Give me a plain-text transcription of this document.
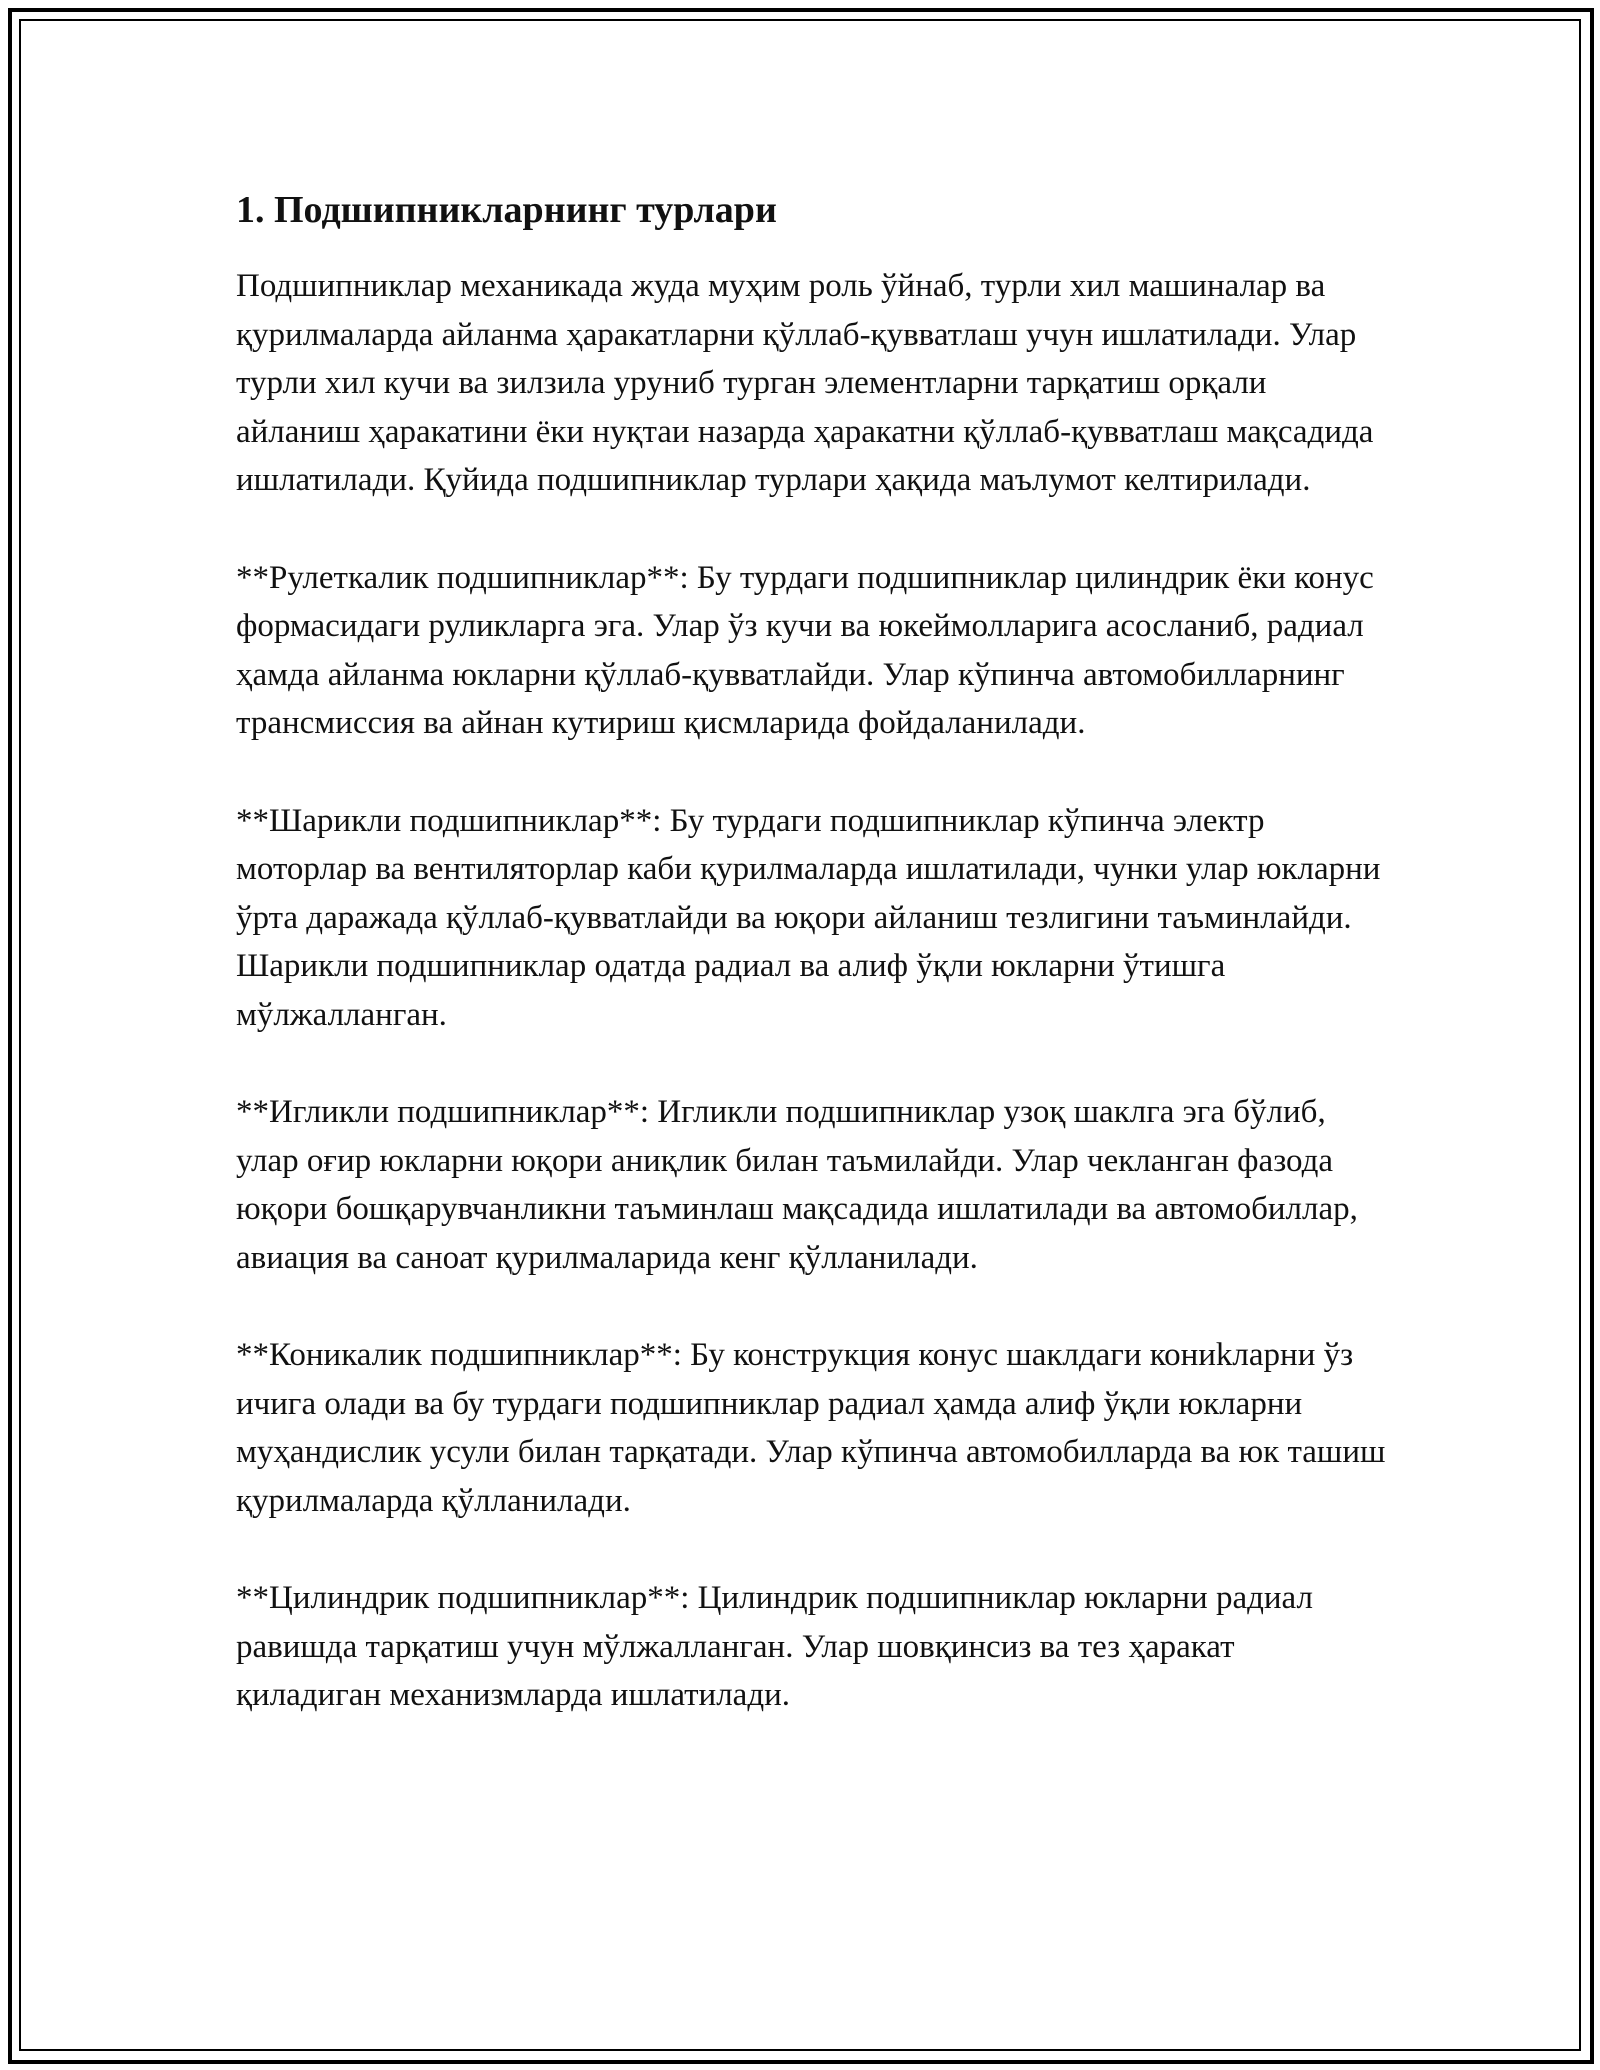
1. Подшипникларнинг турлари

Подшипниклар механикада жуда муҳим роль ўйнаб, турли хил машиналар ва қурилмаларда айланма ҳаракатларни қўллаб-қувватлаш учун ишлатилади. Улар турли хил кучи ва зилзила уруниб турган элементларни тарқатиш орқали айланиш ҳаракатини ёки нуқтаи назарда ҳаракатни қўллаб-қувватлаш мақсадида ишлатилади. Қуйида подшипниклар турлари ҳақида маълумот келтирилади.

**Рулеткалик подшипниклар**: Бу турдаги подшипниклар цилиндрик ёки конус формасидаги руликларга эга. Улар ўз кучи ва юкеймолларига асосланиб, радиал ҳамда айланма юкларни қўллаб-қувватлайди. Улар кўпинча автомобилларнинг трансмиссия ва айнан кутириш қисмларида фойдаланилади.

**Шарикли подшипниклар**: Бу турдаги подшипниклар кўпинча электр моторлар ва вентиляторлар каби қурилмаларда ишлатилади, чунки улар юкларни ўрта даражада қўллаб-қувватлайди ва юқори айланиш тезлигини таъминлайди. Шарикли подшипниклар одатда радиал ва алиф ўқли юкларни ўтишга мўлжалланган.

**Игликли подшипниклар**: Игликли подшипниклар узоқ шаклга эга бўлиб, улар оғир юкларни юқори аниқлик билан таъмилайди. Улар чекланган фазода юқори бошқарувчанликни таъминлаш мақсадида ишлатилади ва автомобиллар, авиация ва саноат қурилмаларида кенг қўлланилади.

**Коникалик подшипниклар**: Бу конструкция конус шаклдаги кониkларни ўз ичига олади ва бу турдаги подшипниклар радиал ҳамда алиф ўқли юкларни муҳандислик усули билан тарқатади. Улар кўпинча автомобилларда ва юк ташиш қурилмаларда қўлланилади.

**Цилиндрик подшипниклар**: Цилиндрик подшипниклар юкларни радиал равишда тарқатиш учун мўлжалланган. Улар шовқинсиз ва тез ҳаракат қиладиган механизмларда ишлатилади.
